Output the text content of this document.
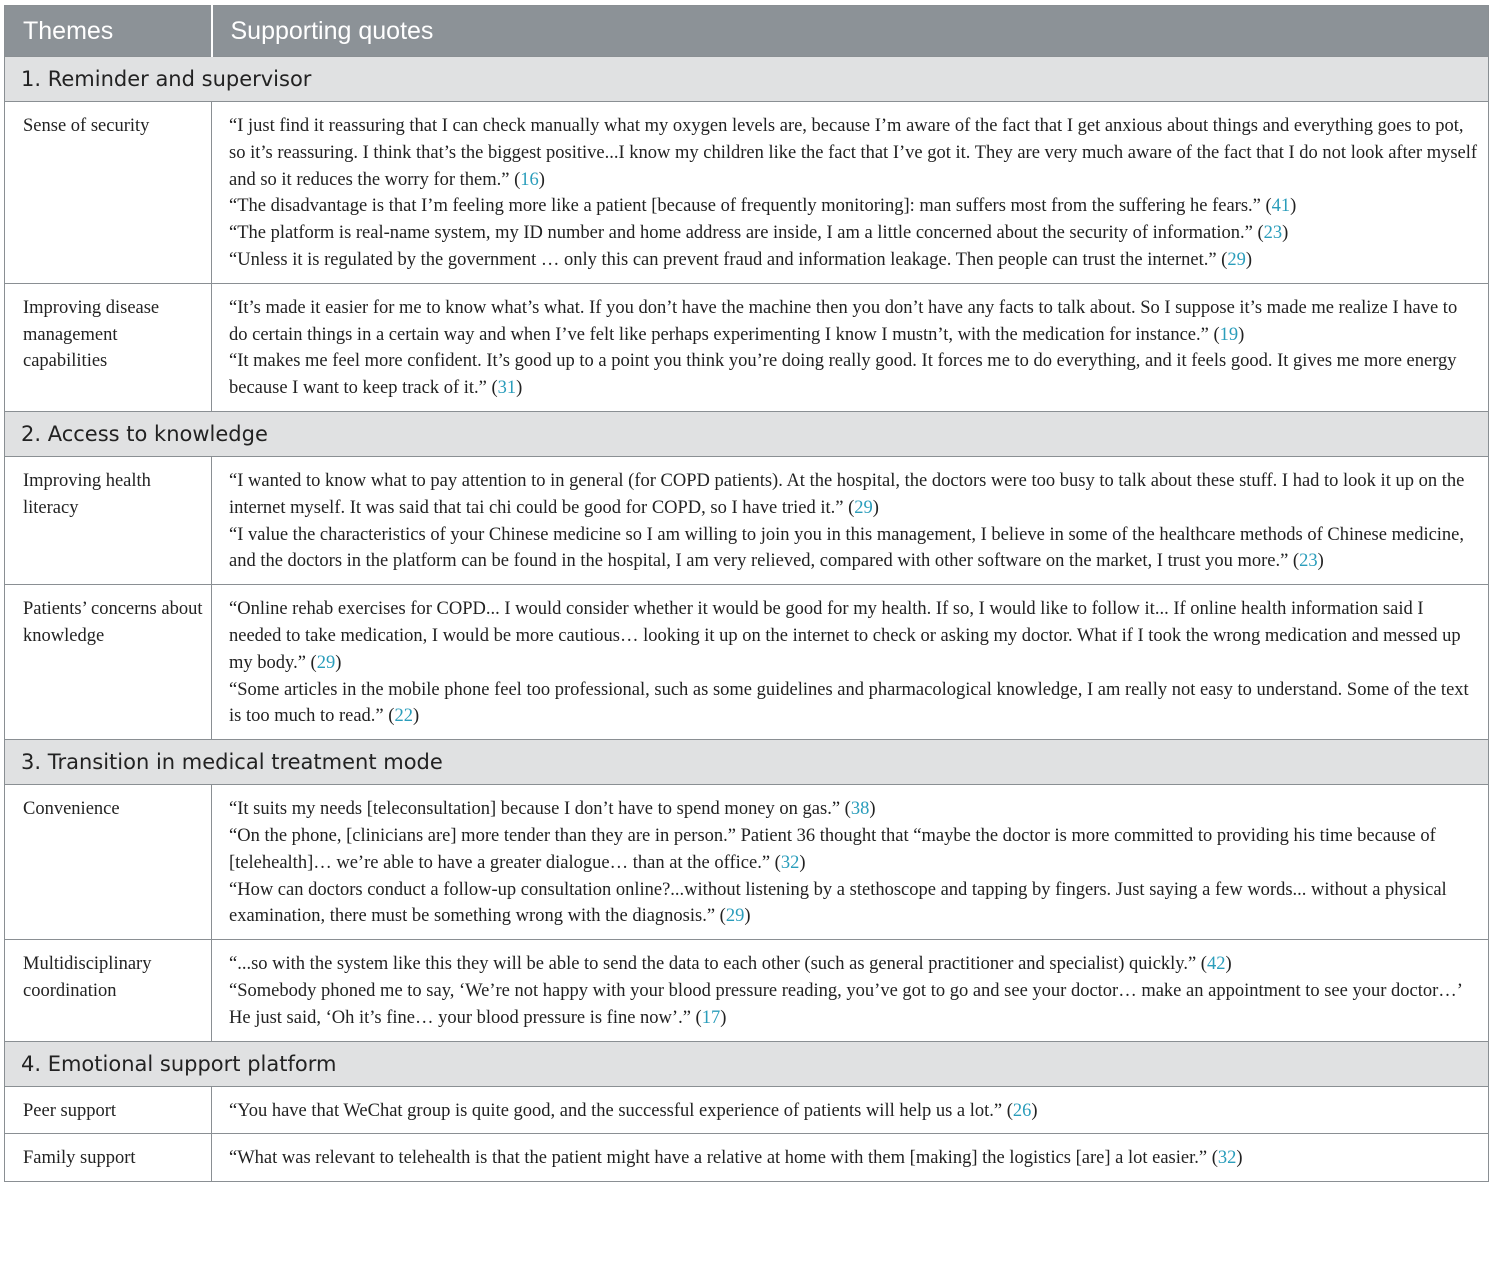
Themes	Supporting quotes
1. Reminder and supervisor	
Sense of security	“I just find it reassuring that I can check manually what my oxygen levels are, because I’m aware of the fact that I get anxious about things and everything goes to pot, so it’s reassuring. I think that’s the biggest positive...I know my children like the fact that I’ve got it. They are very much aware of the fact that I do not look after myself and so it reduces the worry for them.” (16)
“The disadvantage is that I’m feeling more like a patient [because of frequently monitoring]: man suffers most from the suffering he fears.” (41)
“The platform is real-name system, my ID number and home address are inside, I am a little concerned about the security of information.” (23)
“Unless it is regulated by the government … only this can prevent fraud and information leakage. Then people can trust the internet.” (29)

Improving disease management capabilities	“It’s made it easier for me to know what’s what. If you don’t have the machine then you don’t have any facts to talk about. So I suppose it’s made me realize I have to do certain things in a certain way and when I’ve felt like perhaps experimenting I know I mustn’t, with the medication for instance.” (19)
“It makes me feel more confident. It’s good up to a point you think you’re doing really good. It forces me to do everything, and it feels good. It gives me more energy because I want to keep track of it.” (31)

2. Access to knowledge	
Improving health literacy	“I wanted to know what to pay attention to in general (for COPD patients). At the hospital, the doctors were too busy to talk about these stuff. I had to look it up on the internet myself. It was said that tai chi could be good for COPD, so I have tried it.” (29)
“I value the characteristics of your Chinese medicine so I am willing to join you in this management, I believe in some of the healthcare methods of Chinese medicine, and the doctors in the platform can be found in the hospital, I am very relieved, compared with other software on the market, I trust you more.” (23)

Patients’ concerns about knowledge	“Online rehab exercises for COPD... I would consider whether it would be good for my health. If so, I would like to follow it... If online health information said I needed to take medication, I would be more cautious… looking it up on the internet to check or asking my doctor. What if I took the wrong medication and messed up my body.” (29)
“Some articles in the mobile phone feel too professional, such as some guidelines and pharmacological knowledge, I am really not easy to understand. Some of the text is too much to read.” (22)

3. Transition in medical treatment mode	
Convenience	“It suits my needs [teleconsultation] because I don’t have to spend money on gas.” (38)
“On the phone, [clinicians are] more tender than they are in person.” Patient 36 thought that “maybe the doctor is more committed to providing his time because of [telehealth]… we’re able to have a greater dialogue… than at the office.” (32)
“How can doctors conduct a follow-up consultation online?...without listening by a stethoscope and tapping by fingers. Just saying a few words... without a physical examination, there must be something wrong with the diagnosis.” (29)

Multidisciplinary coordination	“...so with the system like this they will be able to send the data to each other (such as general practitioner and specialist) quickly.” (42)
“Somebody phoned me to say, ‘We’re not happy with your blood pressure reading, you’ve got to go and see your doctor… make an appointment to see your doctor…’ He just said, ‘Oh it’s fine… your blood pressure is fine now’.” (17)

4. Emotional support platform	
Peer support	“You have that WeChat group is quite good, and the successful experience of patients will help us a lot.” (26)

Family support	“What was relevant to telehealth is that the patient might have a relative at home with them [making] the logistics [are] a lot easier.” (32)
